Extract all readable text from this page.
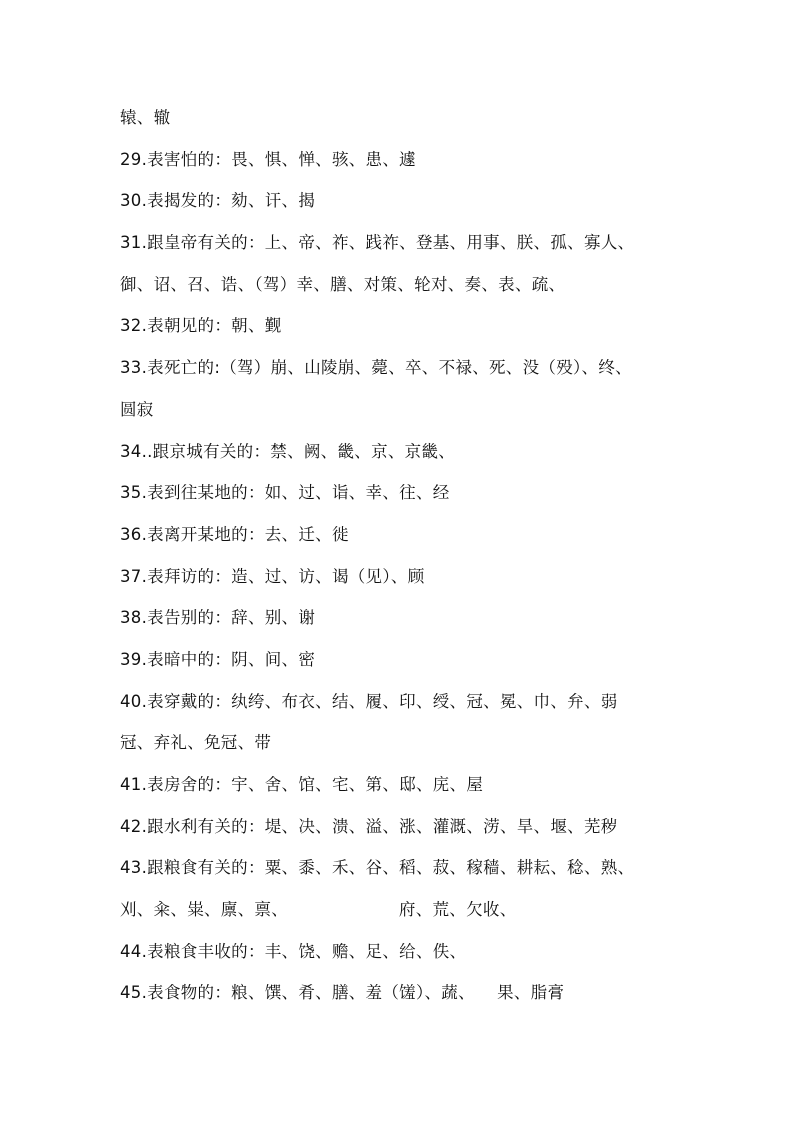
辕、辙
29.表害怕的：畏、惧、惮、骇、患、遽
30.表揭发的：劾、讦、揭
31.跟皇帝有关的：上、帝、祚、践祚、登基、用事、朕、孤、寡人、
御、诏、召、诰、（驾）幸、膳、对策、轮对、奏、表、疏、
32.表朝见的：朝、觐
33.表死亡的:（驾）崩、山陵崩、薨、卒、不禄、死、没（殁）、终、
圆寂
34..跟京城有关的：禁、阙、畿、京、京畿、
35.表到往某地的：如、过、诣、幸、往、经
36.表离开某地的：去、迁、徙
37.表拜访的：造、过、访、谒（见）、顾
38.表告别的：辞、别、谢
39.表暗中的：阴、间、密
40.表穿戴的：纨绔、布衣、结、履、印、绶、冠、冕、巾、弁、弱
冠、弃礼、免冠、带
41.表房舍的：宇、舍、馆、宅、第、邸、庑、屋
42.跟水利有关的：堤、决、溃、溢、涨、灌溉、涝、旱、堰、芜秽
43.跟粮食有关的：粟、黍、禾、谷、稻、菽、稼穑、耕耘、稔、熟、
刈、籴、粜、廪、禀、                    府、荒、欠收、
44.表粮食丰收的：丰、饶、赡、足、给、佚、
45.表食物的：粮、馔、肴、膳、羞（馐）、蔬、    果、脂膏
